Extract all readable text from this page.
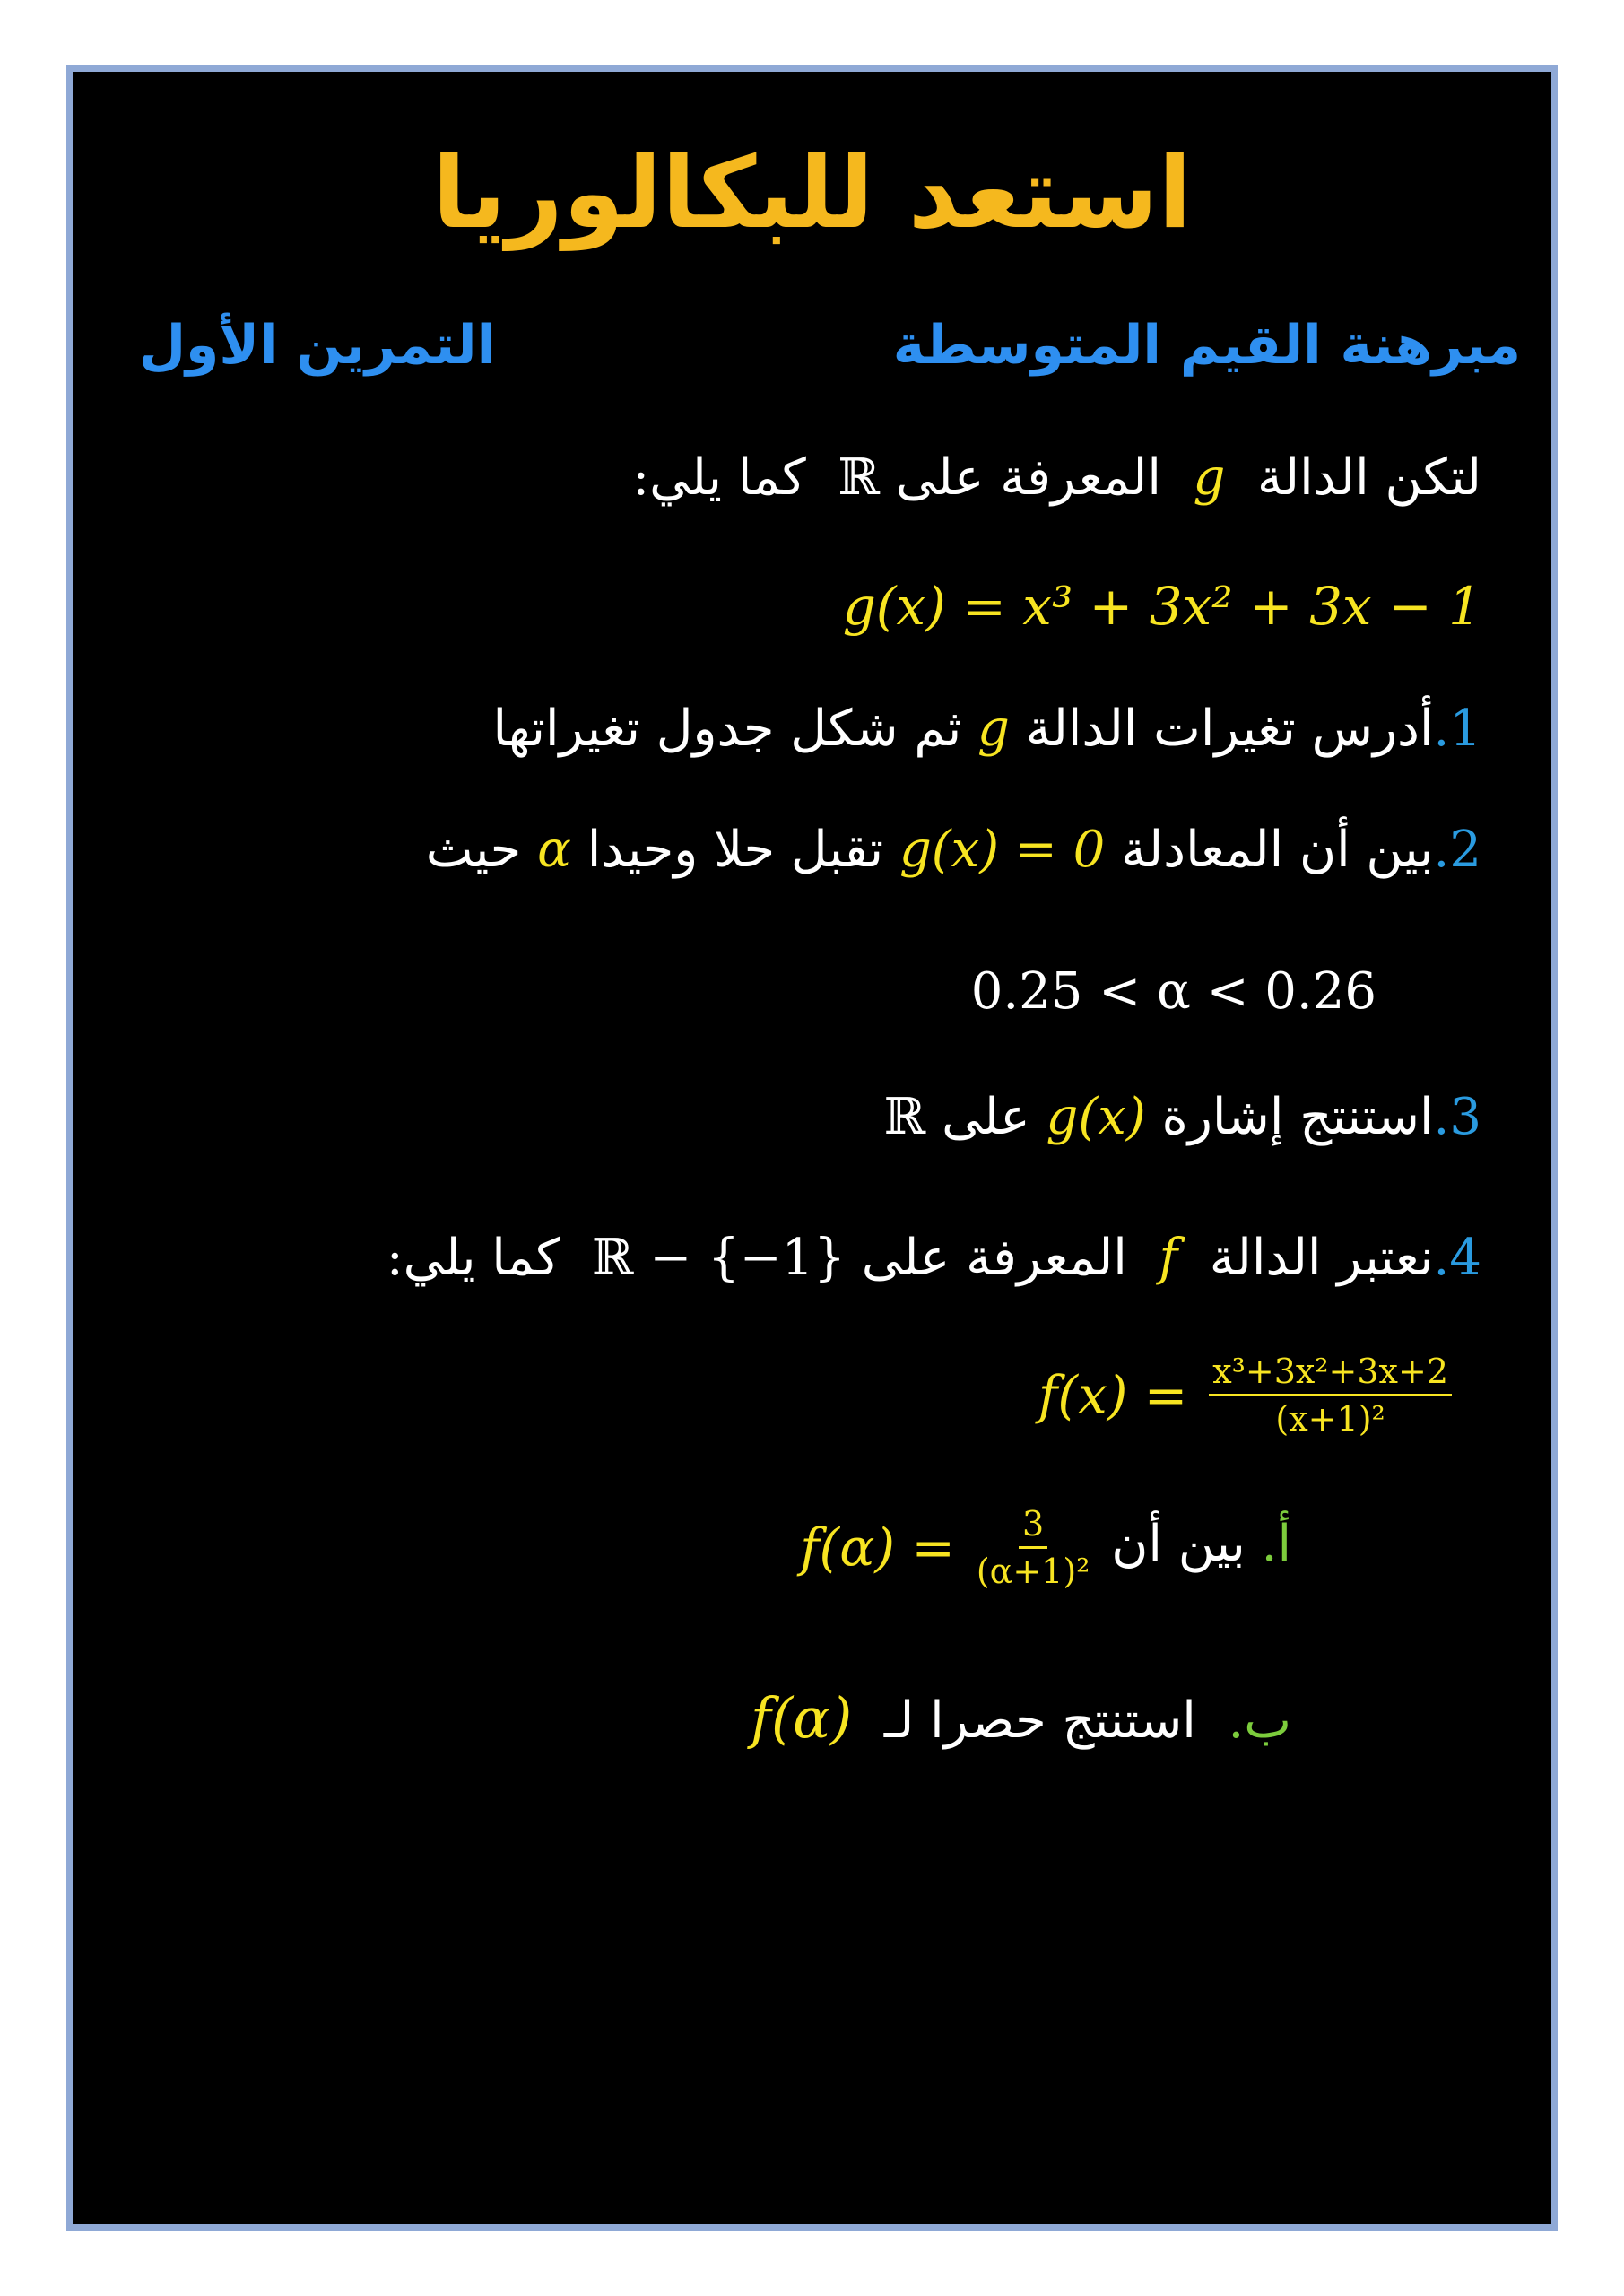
استعد للبكالوريا
مبرهنة القيم المتوسطة
التمرين الأول
لتكن الدالة  g  المعرفة على ℝ  كما يلي:
g(x) = x³ + 3x² + 3x − 1
1.أدرس تغيرات الدالة g ثم شكل جدول تغيراتها
2.بين أن المعادلة g(x) = 0 تقبل حلا وحيدا α حيث
0.25 < α < 0.26
3.استنتج إشارة g(x) على ℝ
4.نعتبر الدالة  f  المعرفة على ℝ − {−1}  كما يلي:
$f(x) = \frac{\text{x³+3x²+3x+2}}{\text{(x+1)²}}$
أ. بين أن $f(\alpha) = \frac{3}{\text{(α+1)²}}$
ب.  استنتج حصرا لـ  f(α)
